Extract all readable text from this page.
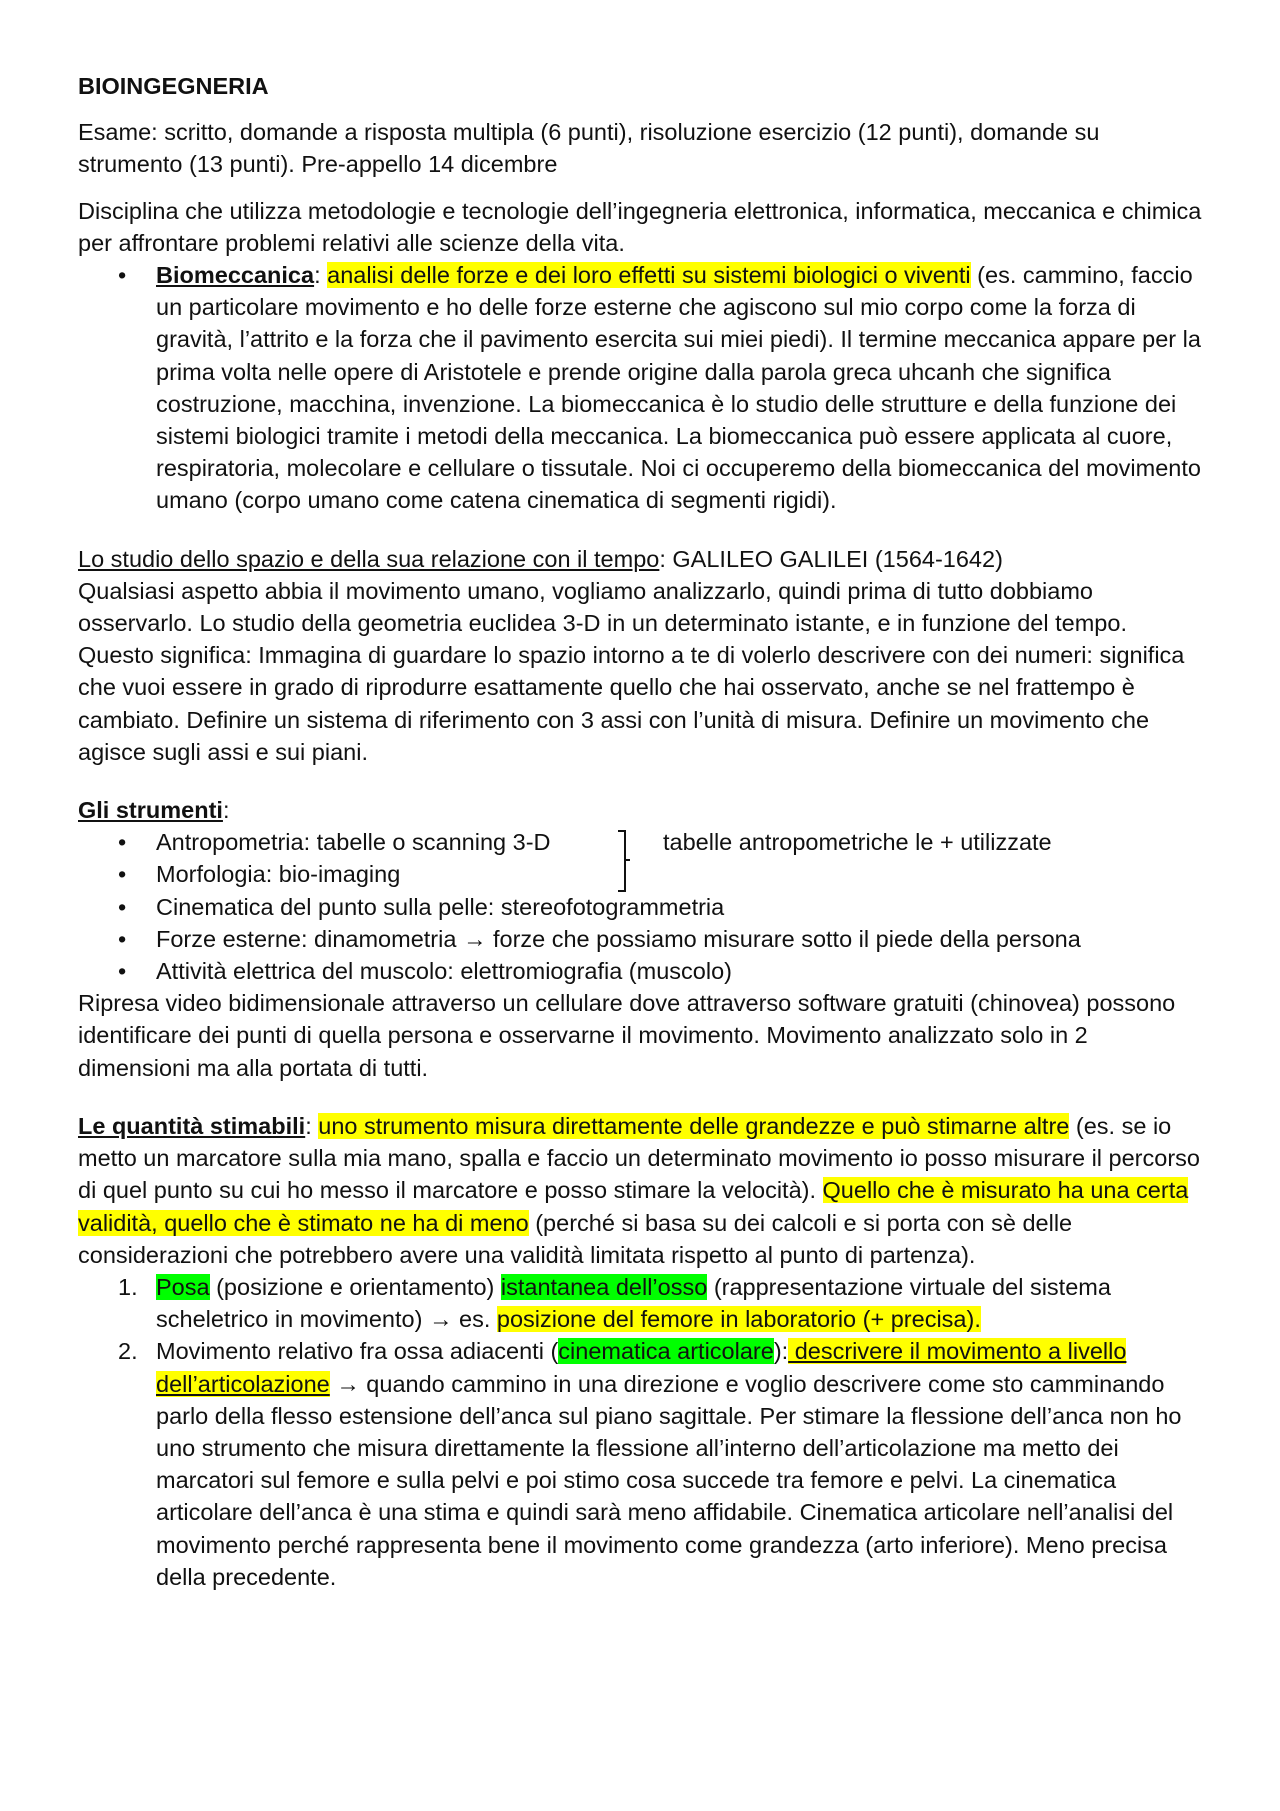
BIOINGEGNERIA

Esame: scritto, domande a risposta multipla (6 punti), risoluzione esercizio (12 punti), domande su strumento (13 punti). Pre-appello 14 dicembre

Disciplina che utilizza metodologie e tecnologie dell’ingegneria elettronica, informatica, meccanica e chimica per affrontare problemi relativi alle scienze della vita.

• Biomeccanica: analisi delle forze e dei loro effetti su sistemi biologici o viventi (es. cammino, faccio un particolare movimento e ho delle forze esterne che agiscono sul mio corpo come la forza di gravità, l’attrito e la forza che il pavimento esercita sui miei piedi). Il termine meccanica appare per la prima volta nelle opere di Aristotele e prende origine dalla parola greca uhcanh che significa costruzione, macchina, invenzione. La biomeccanica è lo studio delle strutture e della funzione dei sistemi biologici tramite i metodi della meccanica. La biomeccanica può essere applicata al cuore, respiratoria, molecolare e cellulare o tissutale. Noi ci occuperemo della biomeccanica del movimento umano (corpo umano come catena cinematica di segmenti rigidi).

Lo studio dello spazio e della sua relazione con il tempo: GALILEO GALILEI (1564-1642)
Qualsiasi aspetto abbia il movimento umano, vogliamo analizzarlo, quindi prima di tutto dobbiamo osservarlo. Lo studio della geometria euclidea 3-D in un determinato istante, e in funzione del tempo. Questo significa: Immagina di guardare lo spazio intorno a te di volerlo descrivere con dei numeri: significa che vuoi essere in grado di riprodurre esattamente quello che hai osservato, anche se nel frattempo è cambiato. Definire un sistema di riferimento con 3 assi con l’unità di misura. Definire un movimento che agisce sugli assi e sui piani.

Gli strumenti:

• Antropometria: tabelle o scanning 3-D
• Morfologia: bio-imaging
• Cinematica del punto sulla pelle: stereofotogrammetria
• Forze esterne: dinamometria → forze che possiamo misurare sotto il piede della persona
• Attività elettrica del muscolo: elettromiografia (muscolo)
tabelle antropometriche le + utilizzate

Ripresa video bidimensionale attraverso un cellulare dove attraverso software gratuiti (chinovea) possono identificare dei punti di quella persona e osservarne il movimento. Movimento analizzato solo in 2 dimensioni ma alla portata di tutti.

Le quantità stimabili: uno strumento misura direttamente delle grandezze e può stimarne altre (es. se io metto un marcatore sulla mia mano, spalla e faccio un determinato movimento io posso misurare il percorso di quel punto su cui ho messo il marcatore e posso stimare la velocità). Quello che è misurato ha una certa validità, quello che è stimato ne ha di meno (perché si basa su dei calcoli e si porta con sè delle considerazioni che potrebbero avere una validità limitata rispetto al punto di partenza).

1. Posa (posizione e orientamento) istantanea dell’osso (rappresentazione virtuale del sistema scheletrico in movimento) → es. posizione del femore in laboratorio (+ precisa).
2. Movimento relativo fra ossa adiacenti (cinematica articolare): descrivere il movimento a livello dell’articolazione → quando cammino in una direzione e voglio descrivere come sto camminando parlo della flesso estensione dell’anca sul piano sagittale. Per stimare la flessione dell’anca non ho uno strumento che misura direttamente la flessione all’interno dell’articolazione ma metto dei marcatori sul femore e sulla pelvi e poi stimo cosa succede tra femore e pelvi. La cinematica articolare dell’anca è una stima e quindi sarà meno affidabile. Cinematica articolare nell’analisi del movimento perché rappresenta bene il movimento come grandezza (arto inferiore). Meno precisa della precedente.
